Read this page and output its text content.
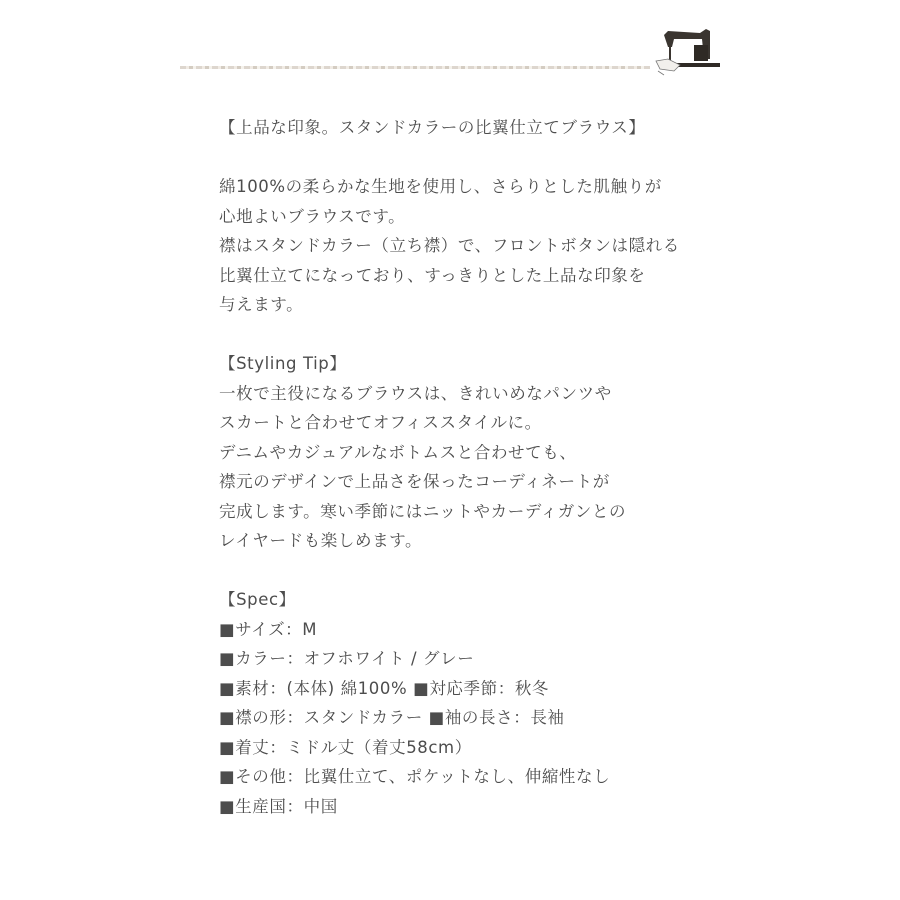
【上品な印象。スタンドカラーの比翼仕立てブラウス】
綿100%の柔らかな生地を使用し、さらりとした肌触りが
心地よいブラウスです。
襟はスタンドカラー（立ち襟）で、フロントボタンは隠れる
比翼仕立てになっており、すっきりとした上品な印象を
与えます。
【Styling Tip】
一枚で主役になるブラウスは、きれいめなパンツや
スカートと合わせてオフィススタイルに。
デニムやカジュアルなボトムスと合わせても、
襟元のデザインで上品さを保ったコーディネートが
完成します。寒い季節にはニットやカーディガンとの
レイヤードも楽しめます。
【Spec】
■サイズ：M
■カラー：オフホワイト / グレー
■素材：(本体) 綿100% ■対応季節：秋冬
■襟の形：スタンドカラー ■袖の長さ：長袖
■着丈：ミドル丈（着丈58cm）
■その他：比翼仕立て、ポケットなし、伸縮性なし
■生産国：中国
